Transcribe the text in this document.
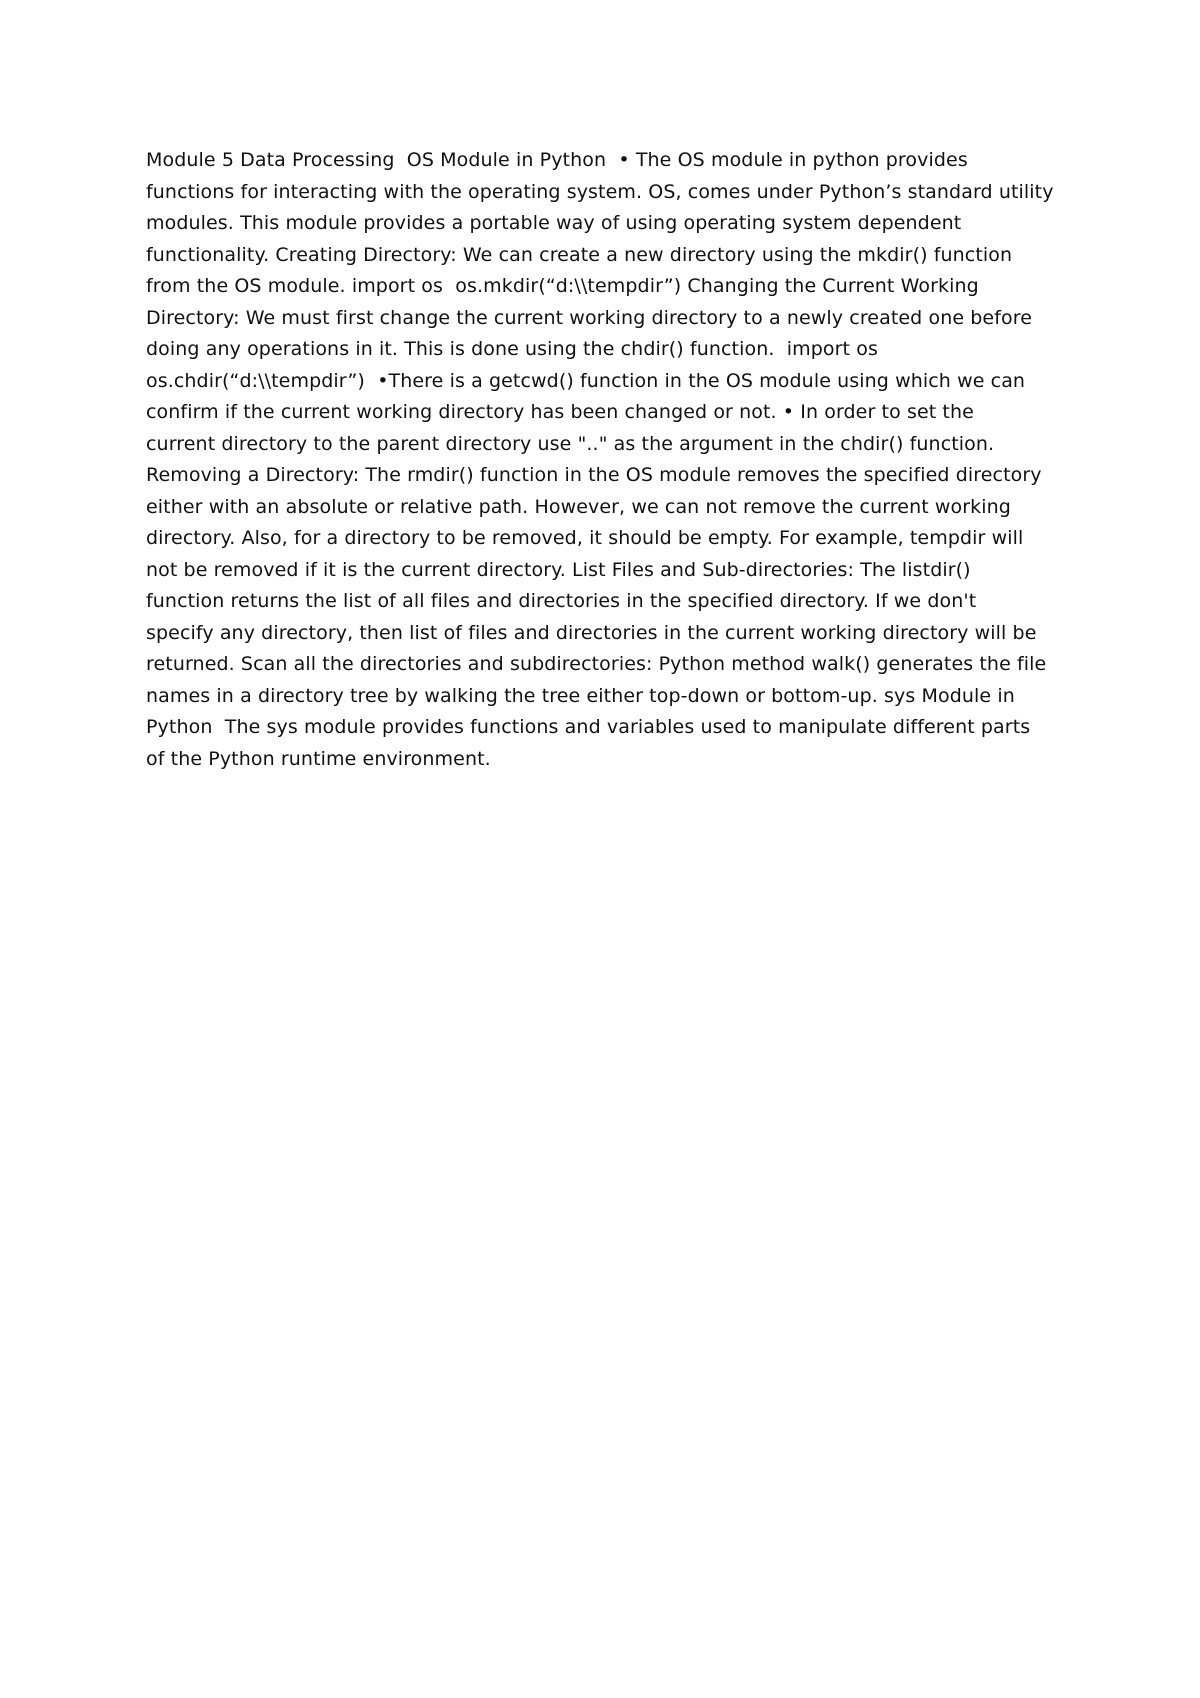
Module 5 Data Processing  OS Module in Python  • The OS module in python provides
functions for interacting with the operating system. OS, comes under Python’s standard utility
modules. This module provides a portable way of using operating system dependent
functionality. Creating Directory: We can create a new directory using the mkdir() function
from the OS module. import os  os.mkdir(“d:\\tempdir”) Changing the Current Working
Directory: We must first change the current working directory to a newly created one before
doing any operations in it. This is done using the chdir() function.  import os
os.chdir(“d:\\tempdir”)  •There is a getcwd() function in the OS module using which we can
confirm if the current working directory has been changed or not. • In order to set the
current directory to the parent directory use ".." as the argument in the chdir() function.
Removing a Directory: The rmdir() function in the OS module removes the specified directory
either with an absolute or relative path. However, we can not remove the current working
directory. Also, for a directory to be removed, it should be empty. For example, tempdir will
not be removed if it is the current directory. List Files and Sub-directories: The listdir()
function returns the list of all files and directories in the specified directory. If we don't
specify any directory, then list of files and directories in the current working directory will be
returned. Scan all the directories and subdirectories: Python method walk() generates the file
names in a directory tree by walking the tree either top-down or bottom-up. sys Module in
Python  The sys module provides functions and variables used to manipulate different parts
of the Python runtime environment.
